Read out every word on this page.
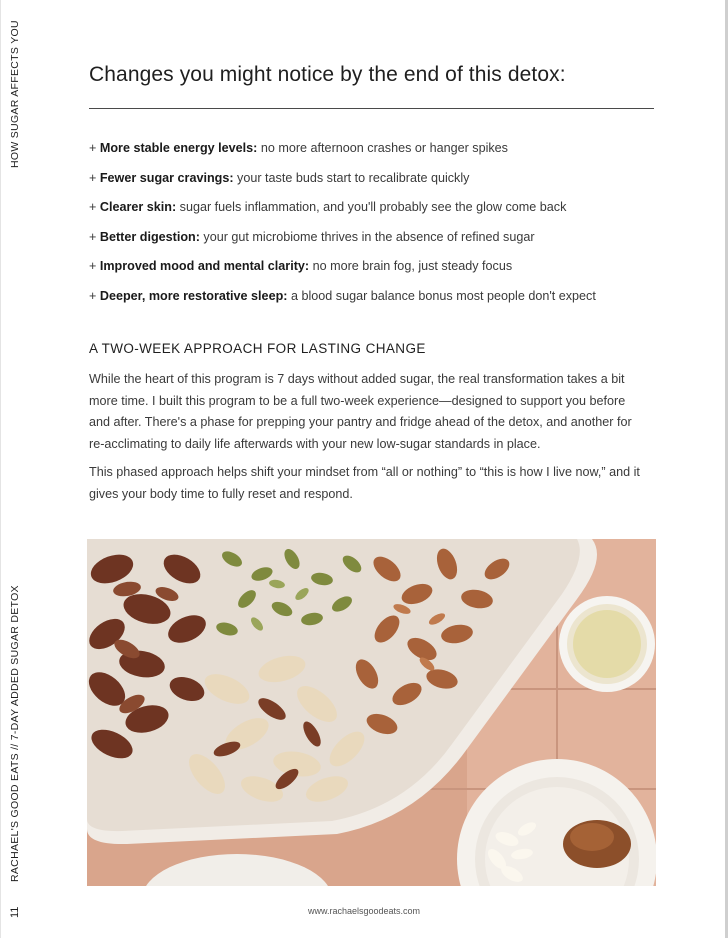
HOW SUGAR AFFECTS YOU
RACHAEL'S GOOD EATS // 7-DAY ADDED SUGAR DETOX
11
Changes you might notice by the end of this detox:
+ More stable energy levels: no more afternoon crashes or hanger spikes
+ Fewer sugar cravings: your taste buds start to recalibrate quickly
+ Clearer skin: sugar fuels inflammation, and you'll probably see the glow come back
+ Better digestion: your gut microbiome thrives in the absence of refined sugar
+ Improved mood and mental clarity: no more brain fog, just steady focus
+ Deeper, more restorative sleep: a blood sugar balance bonus most people don't expect
A TWO-WEEK APPROACH FOR LASTING CHANGE

While the heart of this program is 7 days without added sugar, the real transformation takes a bit more time. I built this program to be a full two-week experience—designed to support you before and after. There's a phase for prepping your pantry and fridge ahead of the detox, and another for re-acclimating to daily life afterwards with your new low-sugar standards in place.

This phased approach helps shift your mindset from “all or nothing” to “this is how I live now,” and it gives your body time to fully reset and respond.

www.rachaelsgoodeats.com
